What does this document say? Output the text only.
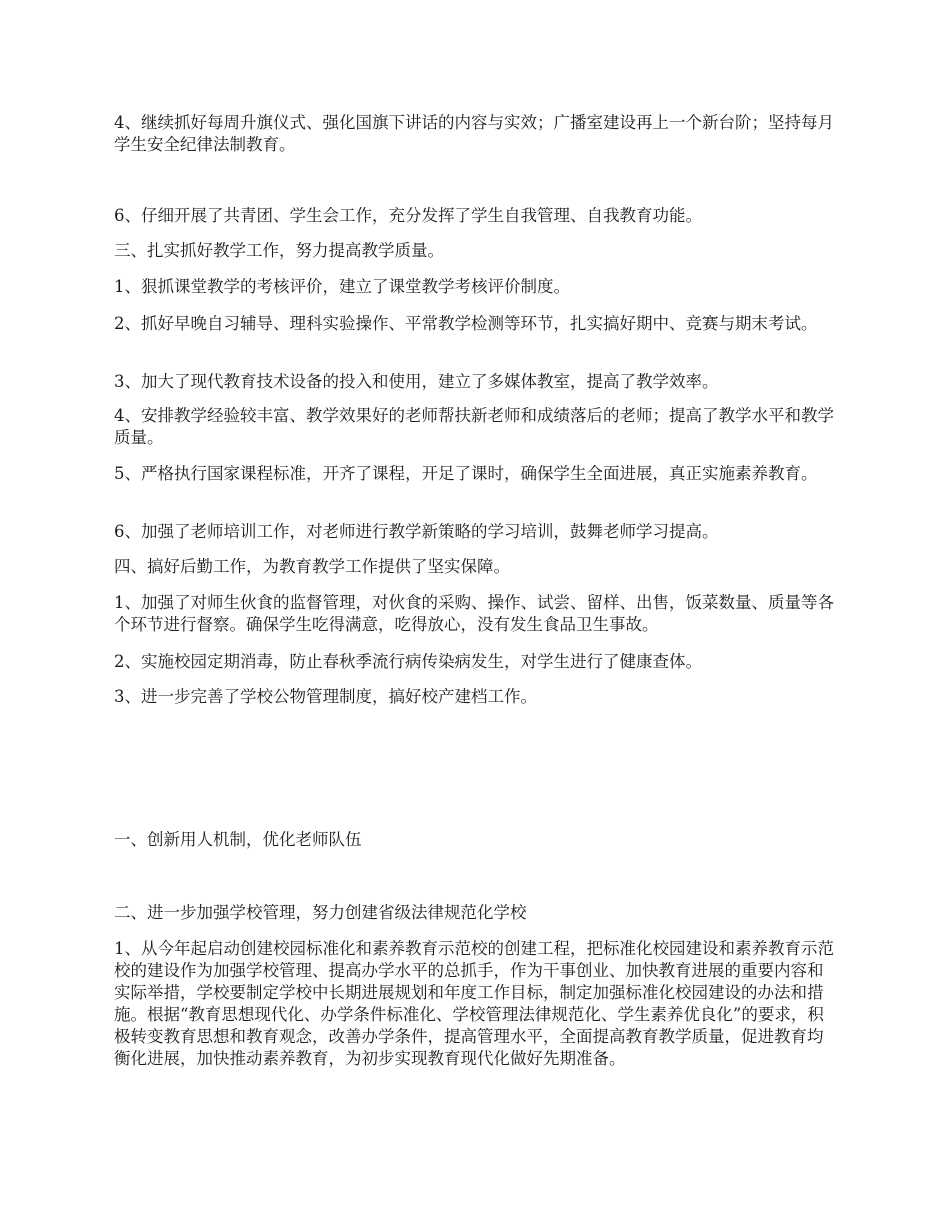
4、继续抓好每周升旗仪式、强化国旗下讲话的内容与实效；广播室建设再上一个新台阶；坚持每月学生安全纪律法制教育。

6、仔细开展了共青团、学生会工作，充分发挥了学生自我管理、自我教育功能。

三、扎实抓好教学工作，努力提高教学质量。

1、狠抓课堂教学的考核评价，建立了课堂教学考核评价制度。

2、抓好早晚自习辅导、理科实验操作、平常教学检测等环节，扎实搞好期中、竞赛与期末考试。

3、加大了现代教育技术设备的投入和使用，建立了多媒体教室，提高了教学效率。

4、安排教学经验较丰富、教学效果好的老师帮扶新老师和成绩落后的老师；提高了教学水平和教学质量。

5、严格执行国家课程标准，开齐了课程，开足了课时，确保学生全面进展，真正实施素养教育。

6、加强了老师培训工作，对老师进行教学新策略的学习培训，鼓舞老师学习提高。

四、搞好后勤工作，为教育教学工作提供了坚实保障。

1、加强了对师生伙食的监督管理，对伙食的采购、操作、试尝、留样、出售，饭菜数量、质量等各个环节进行督察。确保学生吃得满意，吃得放心，没有发生食品卫生事故。

2、实施校园定期消毒，防止春秋季流行病传染病发生，对学生进行了健康查体。

3、进一步完善了学校公物管理制度，搞好校产建档工作。

一、创新用人机制，优化老师队伍

二、进一步加强学校管理，努力创建省级法律规范化学校

1、从今年起启动创建校园标准化和素养教育示范校的创建工程，把标准化校园建设和素养教育示范校的建设作为加强学校管理、提高办学水平的总抓手，作为干事创业、加快教育进展的重要内容和实际举措，学校要制定学校中长期进展规划和年度工作目标，制定加强标准化校园建设的办法和措施。根据“教育思想现代化、办学条件标准化、学校管理法律规范化、学生素养优良化”的要求，积极转变教育思想和教育观念，改善办学条件，提高管理水平，全面提高教育教学质量，促进教育均衡化进展，加快推动素养教育，为初步实现教育现代化做好先期准备。
